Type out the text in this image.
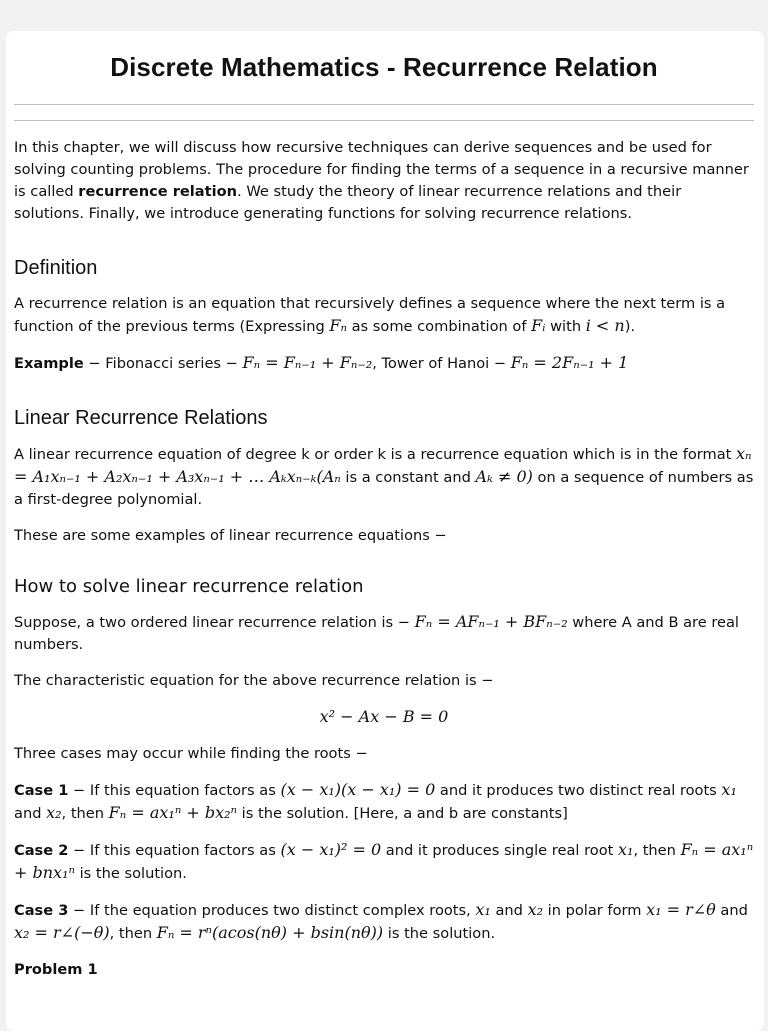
Discrete Mathematics - Recurrence Relation

In this chapter, we will discuss how recursive techniques can derive sequences and be used for solving counting problems. The procedure for finding the terms of a sequence in a recursive manner is called recurrence relation. We study the theory of linear recurrence relations and their solutions. Finally, we introduce generating functions for solving recurrence relations.

Definition

A recurrence relation is an equation that recursively defines a sequence where the next term is a function of the previous terms (Expressing Fₙ as some combination of Fᵢ with i < n).

Example − Fibonacci series − Fₙ = Fₙ₋₁ + Fₙ₋₂, Tower of Hanoi − Fₙ = 2Fₙ₋₁ + 1

Linear Recurrence Relations

A linear recurrence equation of degree k or order k is a recurrence equation which is in the format xₙ = A₁xₙ₋₁ + A₂xₙ₋₁ + A₃xₙ₋₁ + … Aₖxₙ₋ₖ(Aₙ is a constant and Aₖ ≠ 0) on a sequence of numbers as a first-degree polynomial.

These are some examples of linear recurrence equations −

How to solve linear recurrence relation

Suppose, a two ordered linear recurrence relation is − Fₙ = AFₙ₋₁ + BFₙ₋₂ where A and B are real numbers.

The characteristic equation for the above recurrence relation is −

x² − Ax − B = 0

Three cases may occur while finding the roots −

Case 1 − If this equation factors as (x − x₁)(x − x₁) = 0 and it produces two distinct real roots x₁ and x₂, then Fₙ = ax₁ⁿ + bx₂ⁿ is the solution. [Here, a and b are constants]

Case 2 − If this equation factors as (x − x₁)² = 0 and it produces single real root x₁, then Fₙ = ax₁ⁿ + bnx₁ⁿ is the solution.

Case 3 − If the equation produces two distinct complex roots, x₁ and x₂ in polar form x₁ = r∠θ and x₂ = r∠(−θ), then Fₙ = rⁿ(acos(nθ) + bsin(nθ)) is the solution.

Problem 1
